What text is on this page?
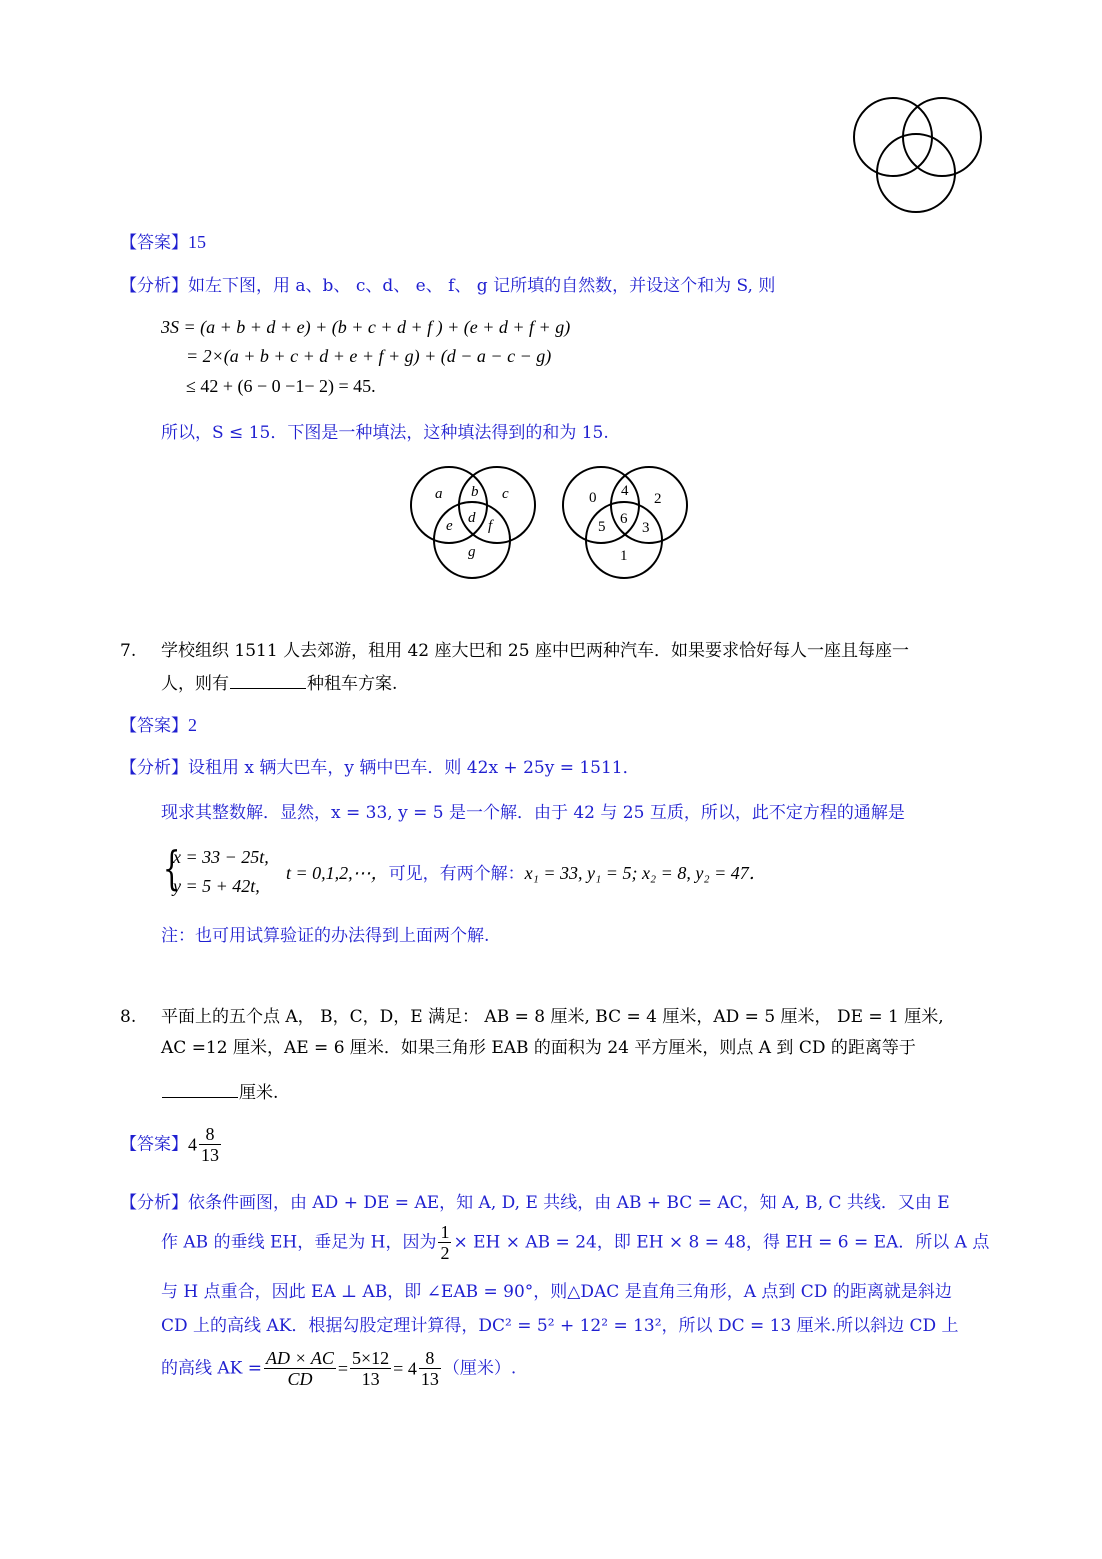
【答案】15
【分析】如左下图，用 a、b、 c、d、 e、 f、 g 记所填的自然数，并设这个和为 S, 则
3S = (a + b + d + e) + (b + c + d + f ) + (e + d + f + g)
= 2×(a + b + c + d + e + f + g) + (d − a − c − g)
≤ 42 + (6 − 0 −1− 2) = 45.
所以，S ≤ 15．下图是一种填法，这种填法得到的和为 15.
a b c
e d f
g
0 4 2
5 6
3
1
7. 学校组织 1511 人去郊游，租用 42 座大巴和 25 座中巴两种汽车．如果要求恰好每人一座且每座一
人，则有	种租车方案.
【答案】2
【分析】设租用 x 辆大巴车，y 辆中巴车．则 42x + 25y = 1511．
现求其整数解．显然，x = 33, y = 5 是一个解．由于 42 与 25 互质，所以，此不定方程的通解是
{
x = 33 − 25t,
y = 5 + 42t,
t = 0,1,2,⋯，可见，有两个解：x₁ = 33, y₁ = 5; x₂ = 8, y₂ = 47．
注：也可用试算验证的办法得到上面两个解.
8. 平面上的五个点 A， B，C，D，E 满足： AB = 8 厘米, BC = 4 厘米，AD = 5 厘米， DE = 1 厘米,
AC =12 厘米，AE = 6 厘米．如果三角形 EAB 的面积为 24 平方厘米，则点 A 到 CD 的距离等于
厘米.
【答案】$4 \frac{8}{13}$
【分析】依条件画图，由 AD + DE = AE，知 A, D, E 共线，由 AB + BC = AC，知 A, B, C 共线．又由 E
作 AB 的垂线 EH，垂足为 H，因为 $\frac{1}{2}$ × EH × AB = 24，即 EH × 8 = 48，得 EH = 6 = EA．所以 A 点
与 H 点重合，因此 EA ⊥ AB，即 ∠EAB = 90°，则△DAC 是直角三角形，A 点到 CD 的距离就是斜边
CD 上的高线 AK．根据勾股定理计算得，DC² = 5² + 12² = 13²，所以 DC = 13 厘米.所以斜边 CD 上
的高线 AK = $\frac{AD \times AC}{CD} = \frac{5\times 12}{13} = 4 \frac{8}{13}$ （厘米）.
